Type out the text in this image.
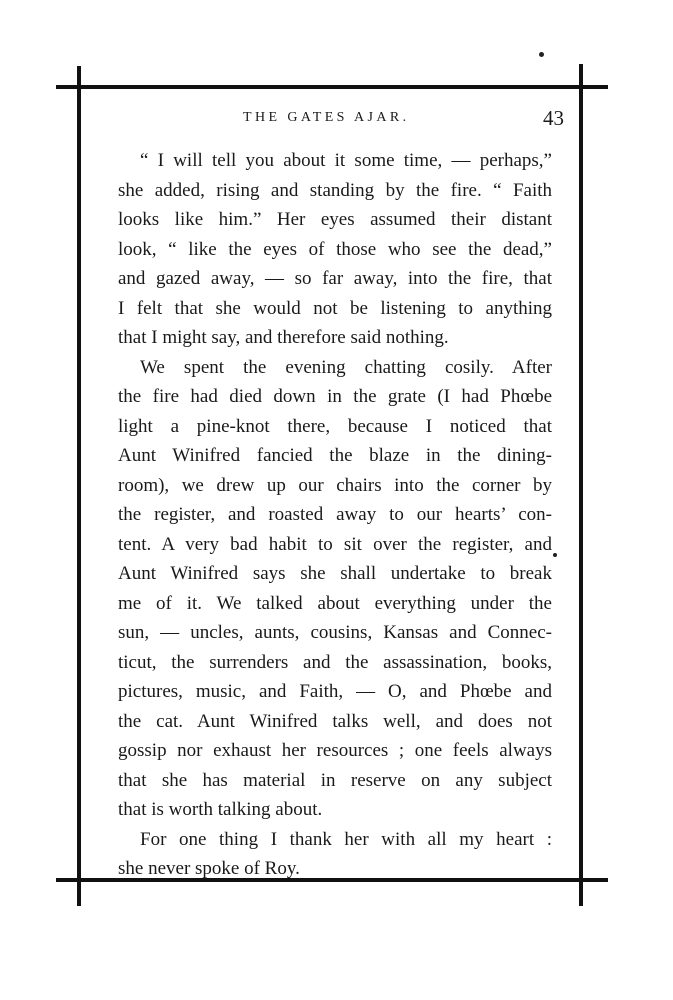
THE GATES AJAR.	43
“ I will tell you about it some time, — perhaps,”
she added, rising and standing by the fire. “ Faith
looks like him.” Her eyes assumed their distant
look, “ like the eyes of those who see the dead,”
and gazed away, — so far away, into the fire, that
I felt that she would not be listening to anything
that I might say, and therefore said nothing.
We spent the evening chatting cosily. After
the fire had died down in the grate (I had Phœbe
light a pine-knot there, because I noticed that
Aunt Winifred fancied the blaze in the dining-
room), we drew up our chairs into the corner by
the register, and roasted away to our hearts’ con-
tent. A very bad habit to sit over the register, and
Aunt Winifred says she shall undertake to break
me of it. We talked about everything under the
sun, — uncles, aunts, cousins, Kansas and Connec-
ticut, the surrenders and the assassination, books,
pictures, music, and Faith, — O, and Phœbe and
the cat. Aunt Winifred talks well, and does not
gossip nor exhaust her resources ; one feels always
that she has material in reserve on any subject
that is worth talking about.
For one thing I thank her with all my heart :
she never spoke of Roy.
